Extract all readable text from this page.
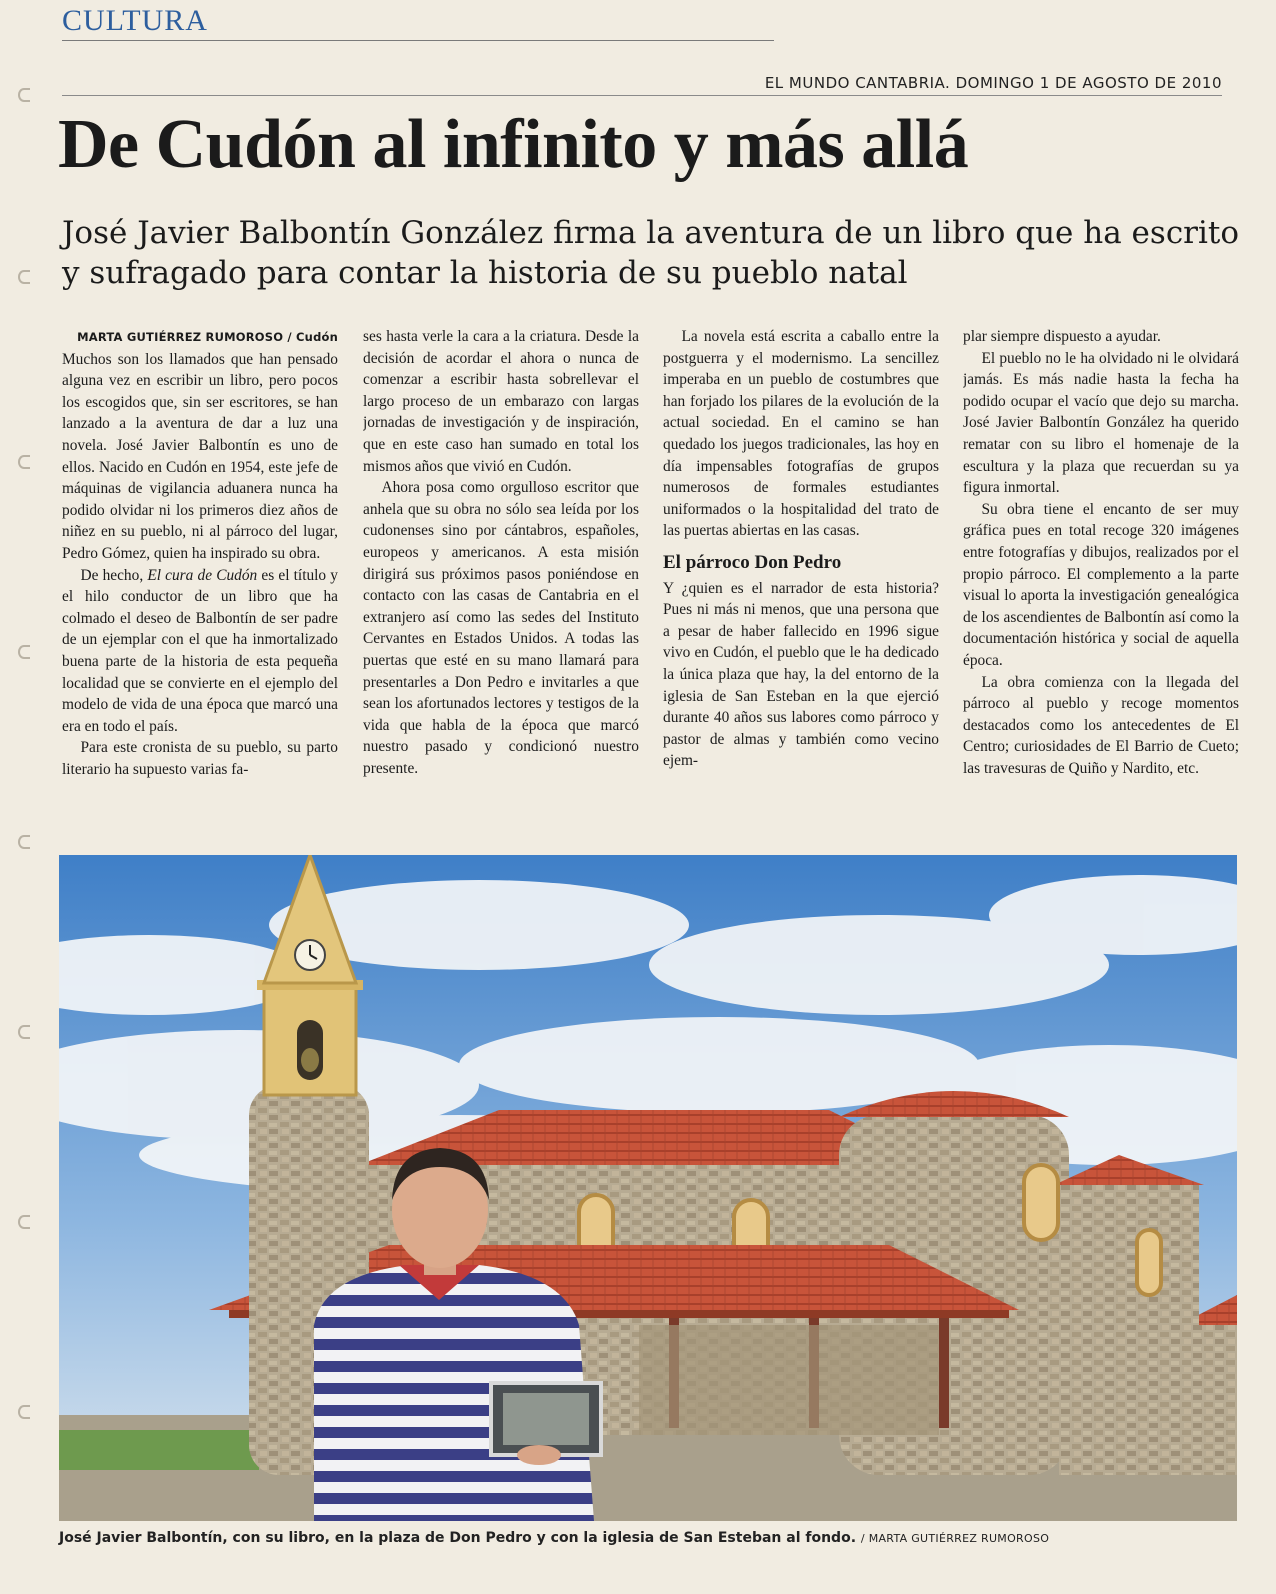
CULTURA
EL MUNDO CANTABRIA. DOMINGO 1 DE AGOSTO DE 2010
De Cudón al infinito y más allá
José Javier Balbontín González firma la aventura de un libro que ha escrito y sufragado para contar la historia de su pueblo natal

MARTA GUTIÉRREZ RUMOROSO / Cudón

Muchos son los llamados que han pensado alguna vez en escribir un libro, pero pocos los escogidos que, sin ser escritores, se han lanzado a la aventura de dar a luz una novela. José Javier Balbontín es uno de ellos. Nacido en Cudón en 1954, este jefe de máquinas de vigilancia aduanera nunca ha podido olvidar ni los primeros diez años de niñez en su pueblo, ni al párroco del lugar, Pedro Gómez, quien ha inspirado su obra.

De hecho, El cura de Cudón es el título y el hilo conductor de un libro que ha colmado el deseo de Balbontín de ser padre de un ejemplar con el que ha inmortalizado buena parte de la historia de esta pequeña localidad que se convierte en el ejemplo del modelo de vida de una época que marcó una era en todo el país.

Para este cronista de su pueblo, su parto literario ha supuesto varias fa-

ses hasta verle la cara a la criatura. Desde la decisión de acordar el ahora o nunca de comenzar a escribir hasta sobrellevar el largo proceso de un embarazo con largas jornadas de investigación y de inspiración, que en este caso han sumado en total los mismos años que vivió en Cudón.

Ahora posa como orgulloso escritor que anhela que su obra no sólo sea leída por los cudonenses sino por cántabros, españoles, europeos y americanos. A esta misión dirigirá sus próximos pasos poniéndose en contacto con las casas de Cantabria en el extranjero así como las sedes del Instituto Cervantes en Estados Unidos. A todas las puertas que esté en su mano llamará para presentarles a Don Pedro e invitarles a que sean los afortunados lectores y testigos de la vida que habla de la época que marcó nuestro pasado y condicionó nuestro presente.

La novela está escrita a caballo entre la postguerra y el modernismo. La sencillez imperaba en un pueblo de costumbres que han forjado los pilares de la evolución de la actual sociedad. En el camino se han quedado los juegos tradicionales, las hoy en día impensables fotografías de grupos numerosos de formales estudiantes uniformados o la hospitalidad del trato de las puertas abiertas en las casas.

El párroco Don Pedro

Y ¿quien es el narrador de esta historia? Pues ni más ni menos, que una persona que a pesar de haber fallecido en 1996 sigue vivo en Cudón, el pueblo que le ha dedicado la única plaza que hay, la del entorno de la iglesia de San Esteban en la que ejerció durante 40 años sus labores como párroco y pastor de almas y también como vecino ejem-

plar siempre dispuesto a ayudar.

El pueblo no le ha olvidado ni le olvidará jamás. Es más nadie hasta la fecha ha podido ocupar el vacío que dejo su marcha. José Javier Balbontín González ha querido rematar con su libro el homenaje de la escultura y la plaza que recuerdan su ya figura inmortal.

Su obra tiene el encanto de ser muy gráfica pues en total recoge 320 imágenes entre fotografías y dibujos, realizados por el propio párroco. El complemento a la parte visual lo aporta la investigación genealógica de los ascendientes de Balbontín así como la documentación histórica y social de aquella época.

La obra comienza con la llegada del párroco al pueblo y recoge momentos destacados como los antecedentes de El Centro; curiosidades de El Barrio de Cueto; las travesuras de Quiño y Nardito, etc.

José Javier Balbontín, con su libro, en la plaza de Don Pedro y con la iglesia de San Esteban al fondo. / MARTA GUTIÉRREZ RUMOROSO
